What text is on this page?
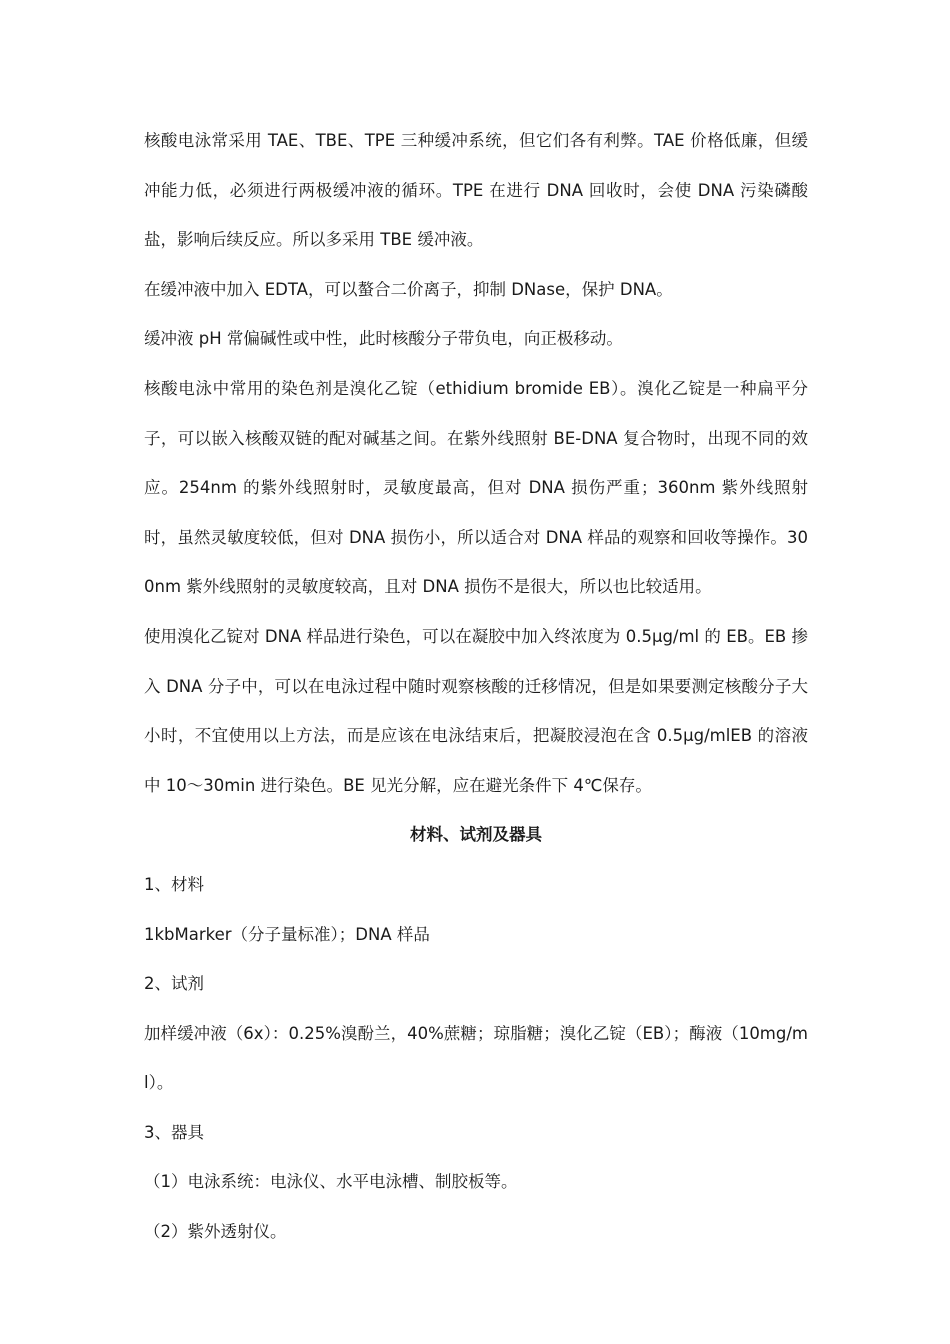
核酸电泳常采用 TAE、TBE、TPE 三种缓冲系统，但它们各有利弊。TAE 价格低廉，但缓冲能力低，必须进行两极缓冲液的循环。TPE 在进行 DNA 回收时，会使 DNA 污染磷酸盐，影响后续反应。所以多采用 TBE 缓冲液。

在缓冲液中加入 EDTA，可以螯合二价离子，抑制 DNase，保护 DNA。

缓冲液 pH 常偏碱性或中性，此时核酸分子带负电，向正极移动。

核酸电泳中常用的染色剂是溴化乙锭（ethidium bromide EB）。溴化乙锭是一种扁平分子，可以嵌入核酸双链的配对碱基之间。在紫外线照射 BE-DNA 复合物时，出现不同的效应。254nm 的紫外线照射时，灵敏度最高，但对 DNA 损伤严重；360nm 紫外线照射时，虽然灵敏度较低，但对 DNA 损伤小，所以适合对 DNA 样品的观察和回收等操作。300nm 紫外线照射的灵敏度较高，且对 DNA 损伤不是很大，所以也比较适用。

使用溴化乙锭对 DNA 样品进行染色，可以在凝胶中加入终浓度为 0.5μg/ml 的 EB。EB 掺入 DNA 分子中，可以在电泳过程中随时观察核酸的迁移情况，但是如果要测定核酸分子大小时，不宜使用以上方法，而是应该在电泳结束后，把凝胶浸泡在含 0.5μg/mlEB 的溶液中 10～30min 进行染色。BE 见光分解，应在避光条件下 4℃保存。

材料、试剂及器具

1、材料

1kbMarker（分子量标准）；DNA 样品

2、试剂

加样缓冲液（6x）：0.25%溴酚兰，40%蔗糖；琼脂糖；溴化乙锭（EB）；酶液（10mg/ml）。

3、器具

（1）电泳系统：电泳仪、水平电泳槽、制胶板等。

（2）紫外透射仪。
